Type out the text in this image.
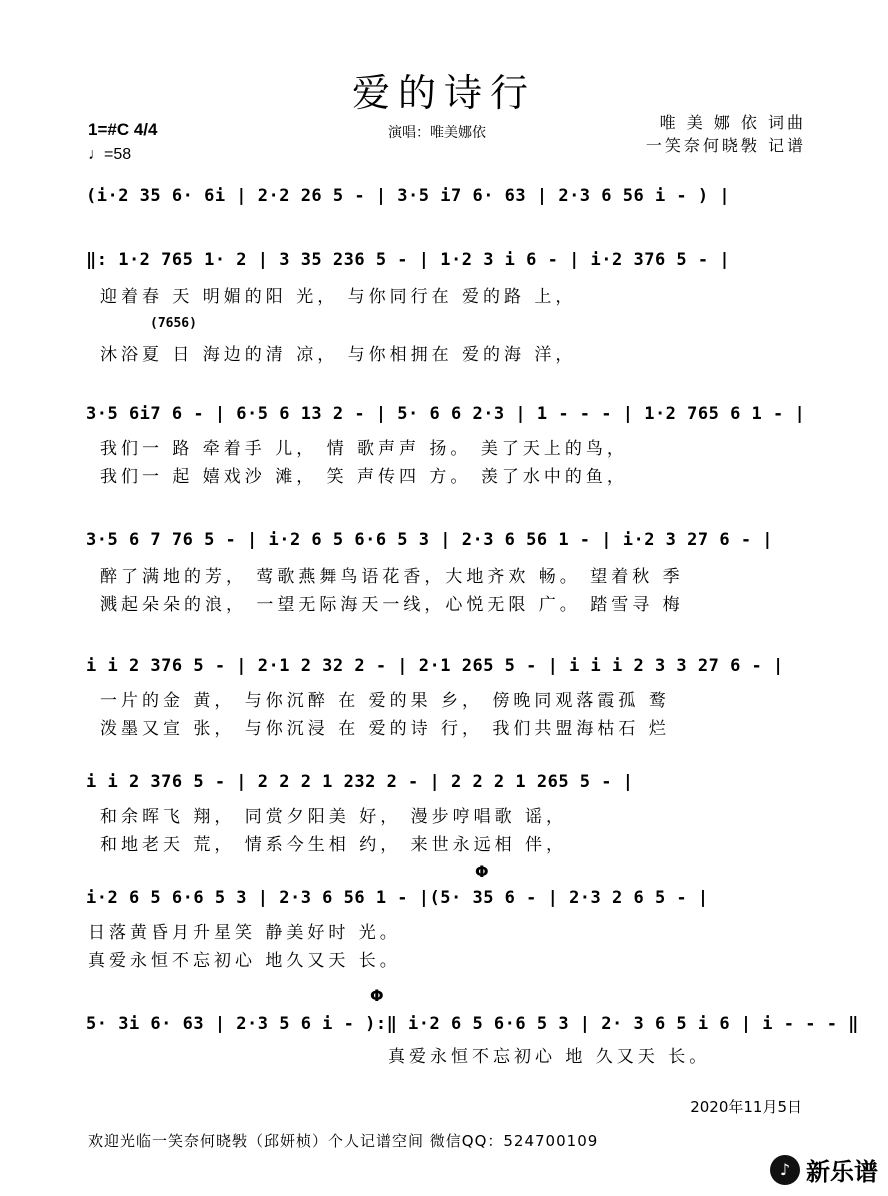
爱的诗行
1=#C 4/4
♩=58
演唱：唯美娜依
唯 美 娜 依 词曲
一笑奈何晓斅 记谱
(i·2 35 6· 6i | 2·2 26 5 - | 3·5 i7 6· 63 | 2·3 6 56 i - ) |
‖: 1·2 765 1· 2 | 3 35 236 5 - | 1·2 3 i 6 - | i·2 376 5 - |
迎着春 天 明媚的阳 光， 与你同行在 爱的路 上，
(7656)
沐浴夏 日 海边的清 凉， 与你相拥在 爱的海 洋，
3·5 6i7 6 - | 6·5 6 13 2 - | 5· 6 6 2·3 | 1 - - - | 1·2 765 6 1 - |
我们一 路 牵着手 儿， 情 歌声声 扬。 美了天上的鸟，
我们一 起 嬉戏沙 滩， 笑 声传四 方。 羡了水中的鱼，
3·5 6 7 76 5 - | i·2 6 5 6·6 5 3 | 2·3 6 56 1 - | i·2 3 27 6 - |
醉了满地的芳， 莺歌燕舞鸟语花香，大地齐欢 畅。 望着秋 季
溅起朵朵的浪， 一望无际海天一线，心悦无限 广。 踏雪寻 梅
i i 2 376 5 - | 2·1 2 32 2 - | 2·1 265 5 - | i i i 2 3 3 27 6 - |
一片的金 黄， 与你沉醉 在 爱的果 乡， 傍晚同观落霞孤 鹜
泼墨又宣 张， 与你沉浸 在 爱的诗 行， 我们共盟海枯石 烂
i i 2 376 5 - | 2 2 2 1 232 2 - | 2 2 2 1 265 5 - |
和余晖飞 翔， 同赏夕阳美 好， 漫步哼唱歌 谣，
和地老天 荒， 情系今生相 约， 来世永远相 伴，
Φ
i·2 6 5 6·6 5 3 | 2·3 6 56 1 - |(5· 35 6 - | 2·3 2 6 5 - |
日落黄昏月升星笑 静美好时 光。
真爱永恒不忘初心 地久又天 长。
Φ
5· 3i 6· 63 | 2·3 5 6 i - ):‖ i·2 6 5 6·6 5 3 | 2· 3 6 5 i 6 | i - - - ‖
真爱永恒不忘初心 地 久又天 长。
2020年11月5日
欢迎光临一笑奈何晓斅（邱妍桢）个人记谱空间 微信QQ：524700109
♪ 新乐谱
